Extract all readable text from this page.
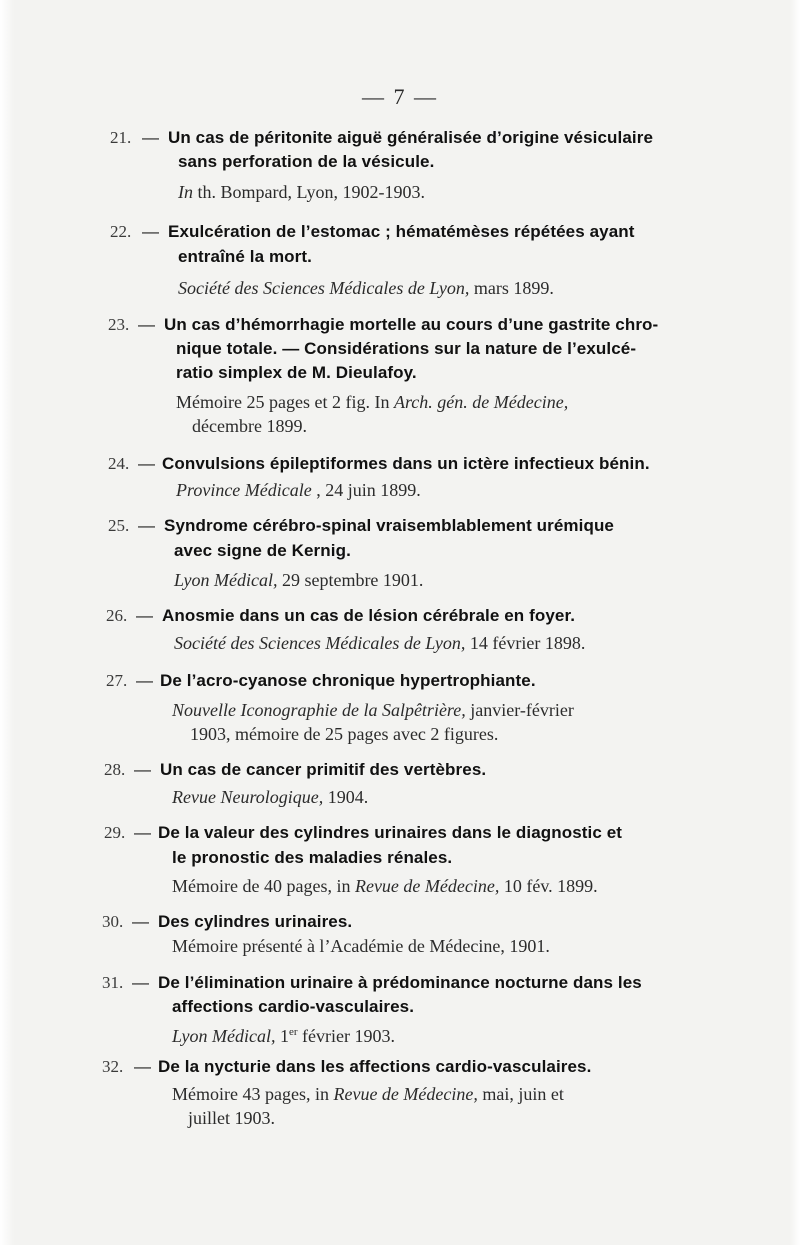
— 7 —
21. — Un cas de péritonite aiguë généralisée d’origine vésiculaire
sans perforation de la vésicule.
In th. Bompard, Lyon, 1902-1903.
22. — Exulcération de l’estomac ; hématémèses répétées ayant
entraîné la mort.
Société des Sciences Médicales de Lyon, mars 1899.
23. — Un cas d’hémorrhagie mortelle au cours d’une gastrite chro-
nique totale. — Considérations sur la nature de l’exulcé-
ratio simplex de M. Dieulafoy.
Mémoire 25 pages et 2 fig. In Arch. gén. de Médecine,
décembre 1899.
24. — Convulsions épileptiformes dans un ictère infectieux bénin.
Province Médicale , 24 juin 1899.
25. — Syndrome cérébro-spinal vraisemblablement urémique
avec signe de Kernig.
Lyon Médical, 29 septembre 1901.
26. — Anosmie dans un cas de lésion cérébrale en foyer.
Société des Sciences Médicales de Lyon, 14 février 1898.
27. — De l’acro-cyanose chronique hypertrophiante.
Nouvelle Iconographie de la Salpêtrière, janvier-février
1903, mémoire de 25 pages avec 2 figures.
28. — Un cas de cancer primitif des vertèbres.
Revue Neurologique, 1904.
29. — De la valeur des cylindres urinaires dans le diagnostic et
le pronostic des maladies rénales.
Mémoire de 40 pages, in Revue de Médecine, 10 fév. 1899.
30. — Des cylindres urinaires.
Mémoire présenté à l’Académie de Médecine, 1901.
31. — De l’élimination urinaire à prédominance nocturne dans les
affections cardio-vasculaires.
Lyon Médical, 1er février 1903.
32. — De la nycturie dans les affections cardio-vasculaires.
Mémoire 43 pages, in Revue de Médecine, mai, juin et
juillet 1903.
